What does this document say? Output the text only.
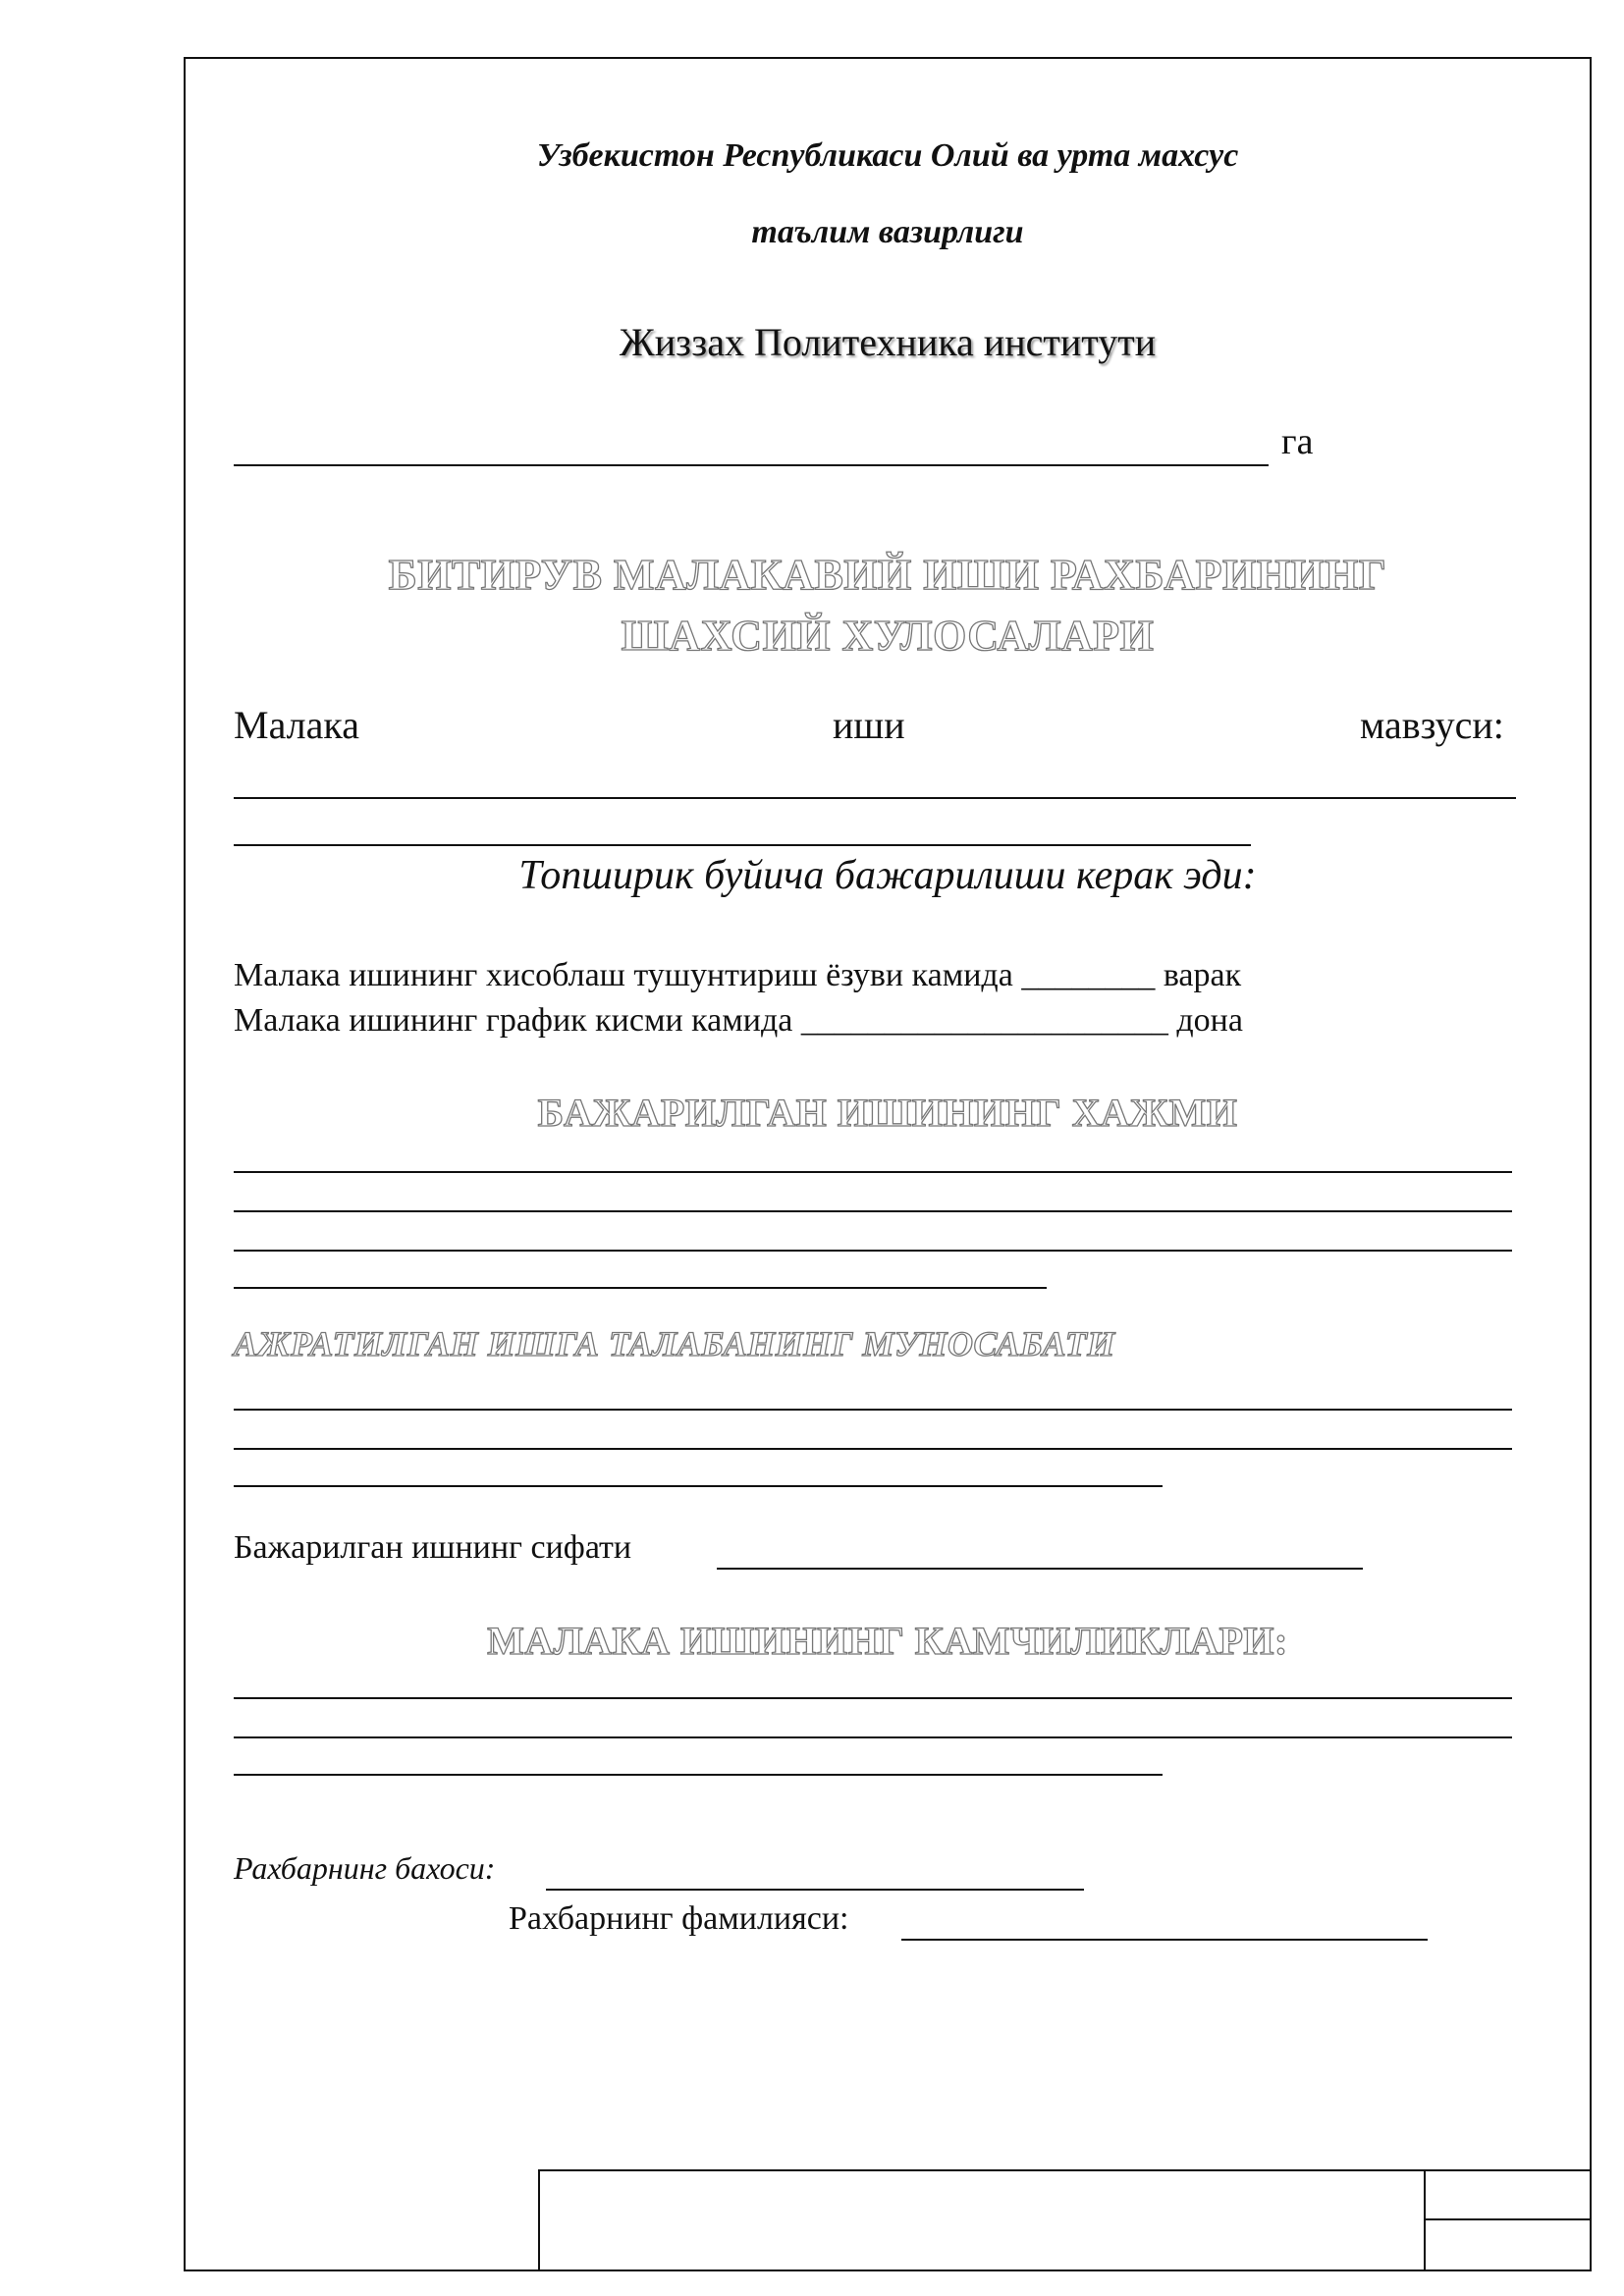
Узбекистон Республикаси Олий ва урта махсус
таълим вазирлиги
Жиззах Политехника институти
га
БИТИРУВ МАЛАКАВИЙ ИШИ РАХБАРИНИНГ
ШАХСИЙ ХУЛОСАЛАРИ
Малака	иши	мавзуси:
Топширик буйича бажарилиши керак эди:
Малака ишининг хисоблаш тушунтириш ёзуви камида ________ варак
Малака ишининг график кисми камида ______________________ дона
БАЖАРИЛГАН ИШИНИНГ ХАЖМИ
АЖРАТИЛГАН ИШГА ТАЛАБАНИНГ МУНОСАБАТИ
Бажарилган ишнинг сифати
МАЛАКА ИШИНИНГ КАМЧИЛИКЛАРИ:
Рахбарнинг бахоси:
Рахбарнинг фамилияси:
